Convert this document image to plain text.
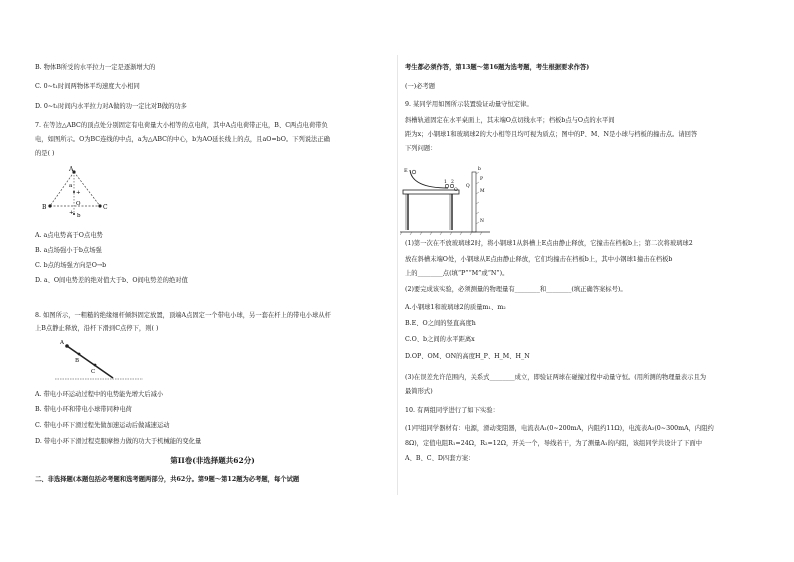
B. 物体B所受的水平拉力一定是逐渐增大的
C. 0~t₁时间两物体平均速度大小相同
D. 0~t₁时间内水平拉力对A做的功一定比对B做的功多
7. 在等边△ABC的顶点处分别固定有电荷量大小相等的点电荷，其中A点电荷带正电，B、C两点电荷带负
电，如图所示。O为BC连线的中点，a为△ABC的中心，b为AO延长线上的点，且aO=bO。下列说法正确
的是( )
A
B	C
O
a
+
b
+
A. a点电势高于O点电势
B. a点场强小于b点场强
C. b点的场强方向是O→b
D. a、O间电势差的绝对值大于b、O间电势差的绝对值
8. 如图所示，一粗糙的绝缘细杆倾斜固定放置，顶端A点固定一个带电小球，另一套在杆上的带电小球从杆
上B点静止释放，沿杆下滑到C点停下，则( )
A
B
C
A. 带电小环运动过程中的电势能先增大后减小
B. 带电小环和带电小球带同种电荷
C. 带电小环下滑过程先做加速运动后做减速运动
D. 带电小环下滑过程克服摩擦力做的功大于机械能的变化量
第II卷(非选择题共62分)
二、非选择题(本题包括必考题和选考题两部分，共62分。第9题～第12题为必考题，每个试题
考生都必须作答，第13题～第16题为选考题，考生根据要求作答)
(一)必考题
9. 某同学用如图所示装置验证动量守恒定律。
斜槽轨道固定在水平桌面上，其末端O点切线水平；档板b点与O点的水平间
距为x；小钢球1和玻璃球2的大小相等且均可视为质点；图中的P、M、N是小球与档板的撞击点。请回答
下列问题：
E
1 2
O
Q
P
M
N
b
(1)第一次在不放玻璃球2时，将小钢球1从斜槽上E点由静止释放，它撞击在档板b上；第二次将玻璃球2
放在斜槽末端O处，小钢球从E点由静止释放，它们均撞击在档板b上，其中小钢球1撞击在档板b
上的________点(填“P”“M”或“N”)。
(2)要完成该实验，必须测量的物理量有________和________(填正确答案标号)。
A.小钢球1和玻璃球2的质量m₁、m₂
B.E、O之间的竖直高度h
C.O、b之间的水平距离x
D.OP、OM、ON的高度H_P、H_M、H_N
(3)在误差允许范围内，关系式________成立，即验证两球在碰撞过程中动量守恒。(用所测的物理量表示且为
最简形式)
10. 有两组同学进行了如下实验：
(1)甲组同学器材有：电源，滑动变阻器，电流表A₁(0~200mA，内阻约11Ω)，电流表A₂(0~300mA，内阻约
8Ω)，定值电阻R₁=24Ω，R₂=12Ω，开关一个，导线若干，为了测量A₁的内阻，该组同学共设计了下面中
A、B、C、D四套方案：
